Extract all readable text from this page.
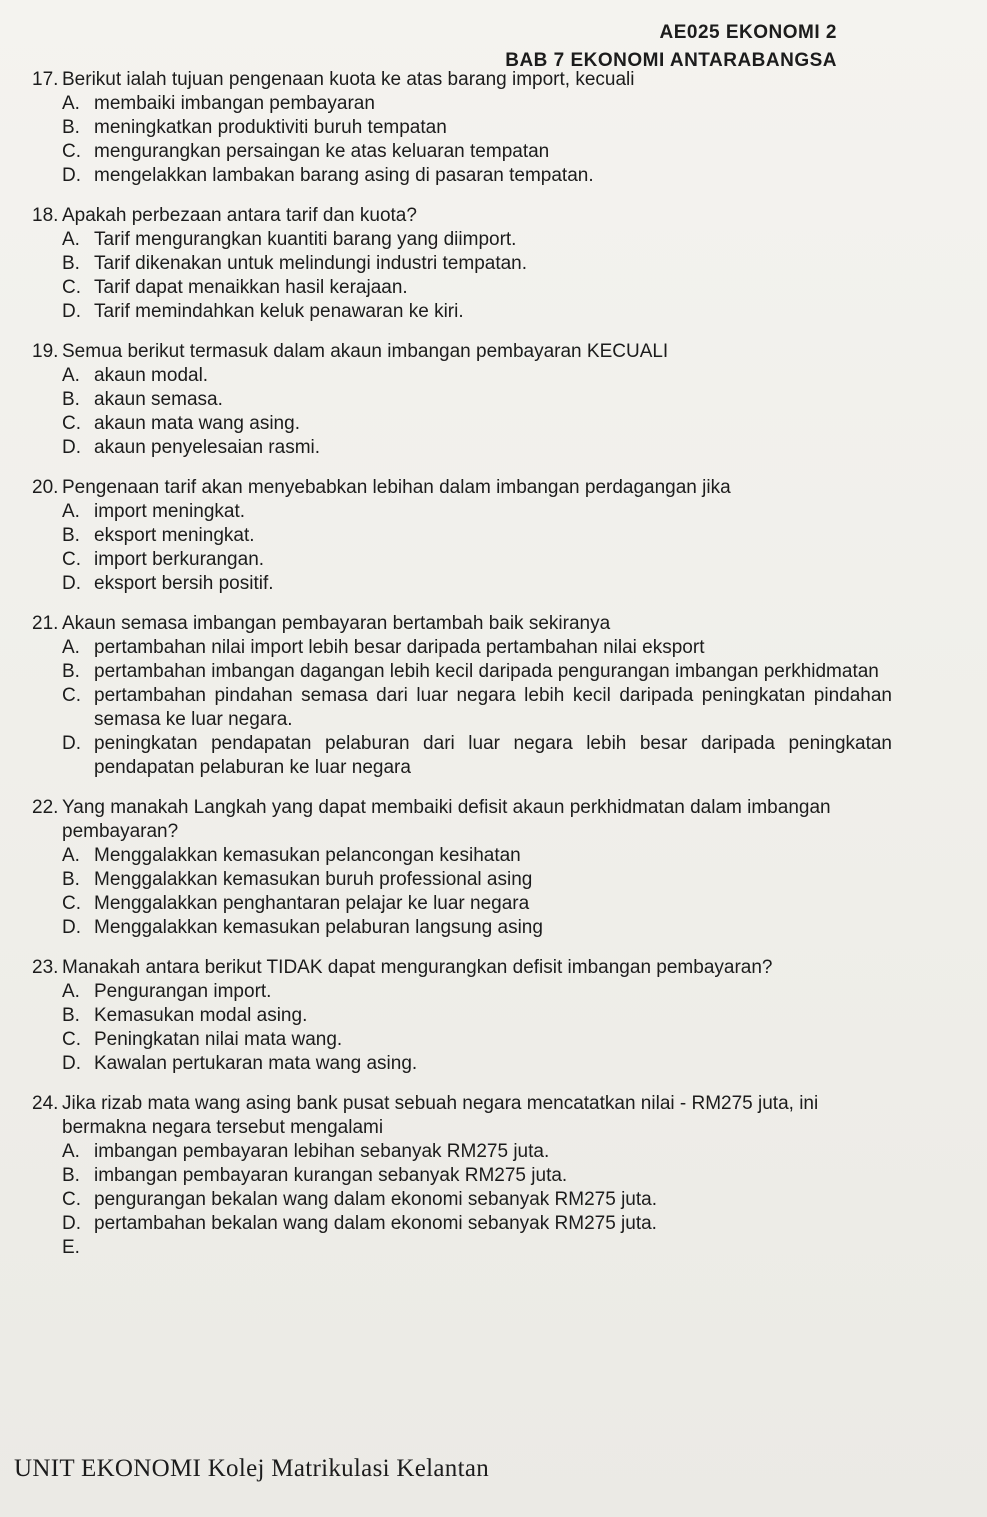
AE025 EKONOMI 2
BAB 7 EKONOMI ANTARABANGSA
17. Berikut ialah tujuan pengenaan kuota ke atas barang import, kecuali
A. membaiki imbangan pembayaran
B. meningkatkan produktiviti buruh tempatan
C. mengurangkan persaingan ke atas keluaran tempatan
D. mengelakkan lambakan barang asing di pasaran tempatan.
18. Apakah perbezaan antara tarif dan kuota?
A. Tarif mengurangkan kuantiti barang yang diimport.
B. Tarif dikenakan untuk melindungi industri tempatan.
C. Tarif dapat menaikkan hasil kerajaan.
D. Tarif memindahkan keluk penawaran ke kiri.
19. Semua berikut termasuk dalam akaun imbangan pembayaran KECUALI
A. akaun modal.
B. akaun semasa.
C. akaun mata wang asing.
D. akaun penyelesaian rasmi.
20. Pengenaan tarif akan menyebabkan lebihan dalam imbangan perdagangan jika
A. import meningkat.
B. eksport meningkat.
C. import berkurangan.
D. eksport bersih positif.
21. Akaun semasa imbangan pembayaran bertambah baik sekiranya
A. pertambahan nilai import lebih besar daripada pertambahan nilai eksport
B. pertambahan imbangan dagangan lebih kecil daripada pengurangan imbangan perkhidmatan
C. pertambahan pindahan semasa dari luar negara lebih kecil daripada peningkatan pindahan semasa ke luar negara.
D. peningkatan pendapatan pelaburan dari luar negara lebih besar daripada peningkatan pendapatan pelaburan ke luar negara
22. Yang manakah Langkah yang dapat membaiki defisit akaun perkhidmatan dalam imbangan pembayaran?
A. Menggalakkan kemasukan pelancongan kesihatan
B. Menggalakkan kemasukan buruh professional asing
C. Menggalakkan penghantaran pelajar ke luar negara
D. Menggalakkan kemasukan pelaburan langsung asing
23. Manakah antara berikut TIDAK dapat mengurangkan defisit imbangan pembayaran?
A. Pengurangan import.
B. Kemasukan modal asing.
C. Peningkatan nilai mata wang.
D. Kawalan pertukaran mata wang asing.
24. Jika rizab mata wang asing bank pusat sebuah negara mencatatkan nilai - RM275 juta, ini bermakna negara tersebut mengalami
A. imbangan pembayaran lebihan sebanyak RM275 juta.
B. imbangan pembayaran kurangan sebanyak RM275 juta.
C. pengurangan bekalan wang dalam ekonomi sebanyak RM275 juta.
D. pertambahan bekalan wang dalam ekonomi sebanyak RM275 juta.
E.
UNIT EKONOMI Kolej Matrikulasi Kelantan
